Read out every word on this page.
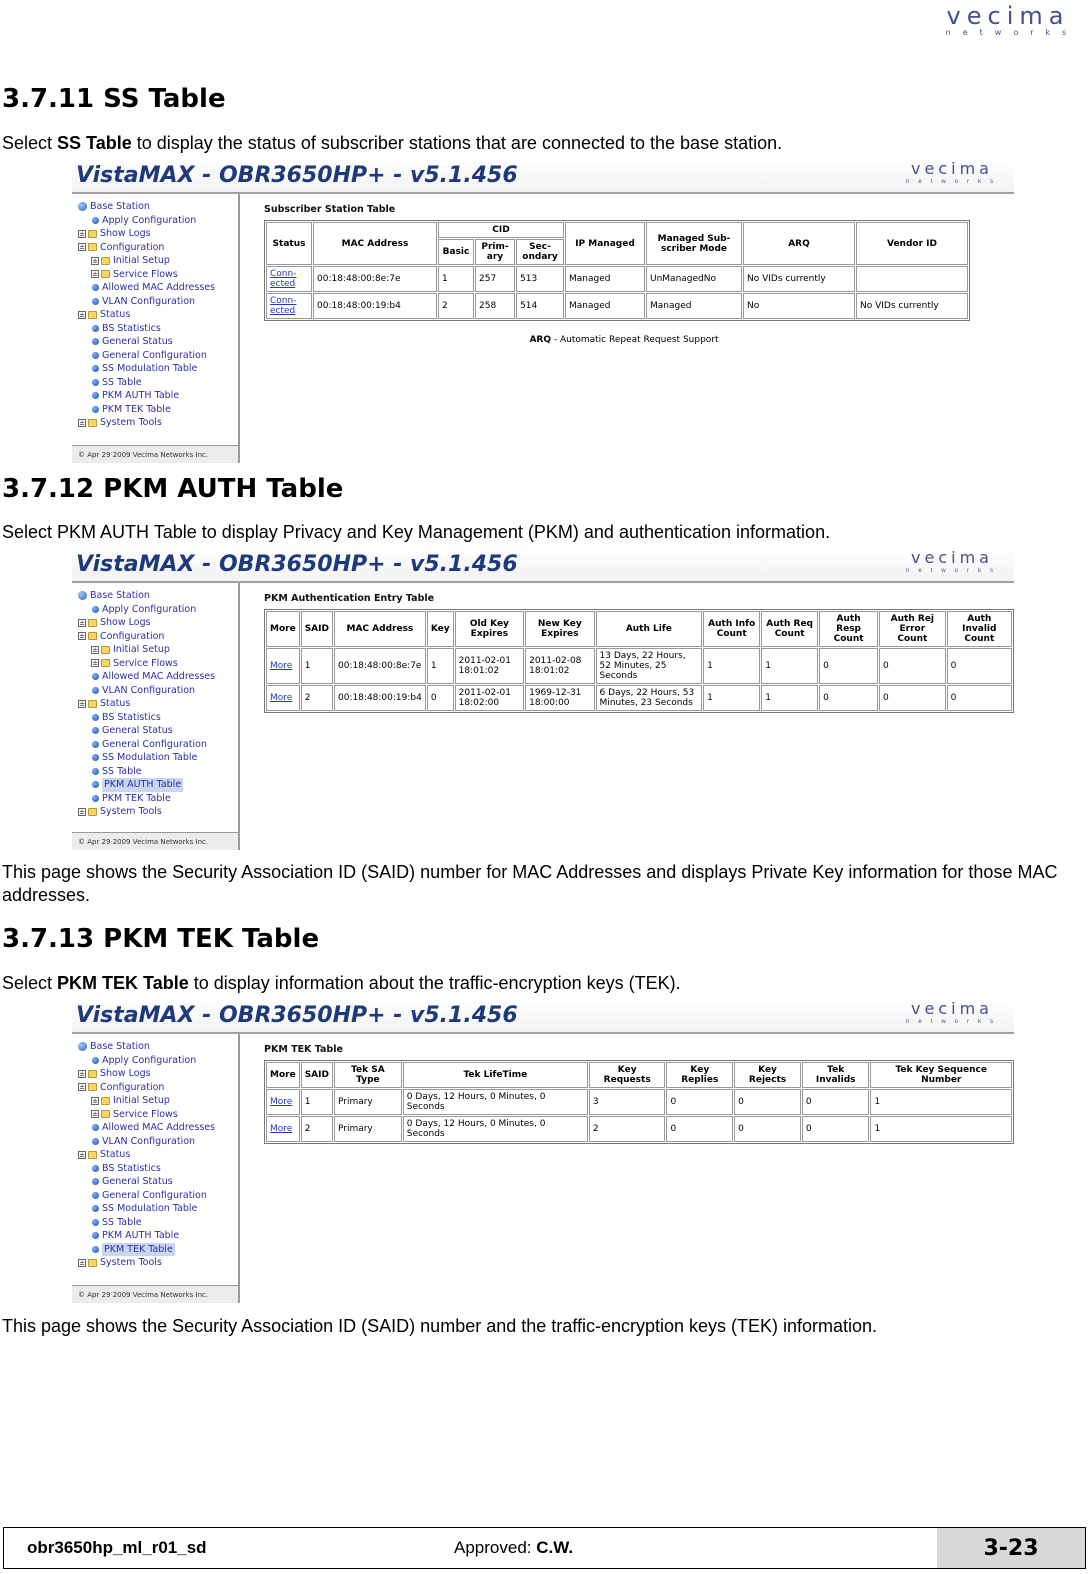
vecima
networks
3.7.11 SS Table
Select SS Table to display the status of subscriber stations that are connected to the base station.
VistaMAX - OBR3650HP+ - v5.1.456	vecima
networks
Base Station
Apply Configuration
± Show Logs
± Configuration
± Initial Setup
± Service Flows
Allowed MAC Addresses
VLAN Configuration
± Status
BS Statistics
General Status
General Configuration
SS Modulation Table
SS Table
PKM AUTH Table
PKM TEK Table
± System Tools
© Apr 29 2009 Vecima Networks Inc.
Subscriber Station Table
Status	MAC Address	CID			IP Managed	Managed Sub-scriber Mode	ARQ	Vendor ID
		Basic	Prim-ary	Sec-ondary				
Conn-ected	00:18:48:00:8e:7e	1	257	513	Managed	UnManagedNo	No VIDs currently	
Conn-ected	00:18:48:00:19:b4	2	258	514	Managed	Managed	No	No VIDs currently
ARQ - Automatic Repeat Request Support
3.7.12 PKM AUTH Table
Select PKM AUTH Table to display Privacy and Key Management (PKM) and authentication information.
VistaMAX - OBR3650HP+ - v5.1.456	vecima
networks
Base Station
Apply Configuration
± Show Logs
± Configuration
± Initial Setup
± Service Flows
Allowed MAC Addresses
VLAN Configuration
± Status
BS Statistics
General Status
General Configuration
SS Modulation Table
SS Table
PKM AUTH Table
PKM TEK Table
± System Tools
© Apr 29 2009 Vecima Networks Inc.
PKM Authentication Entry Table
More	SAID	MAC Address	Key	Old Key Expires	New Key Expires	Auth Life	Auth Info Count	Auth Req Count	Auth Resp Count	Auth Rej Error Count	Auth Invalid Count
More	1	00:18:48:00:8e:7e	1	2011-02-01 18:01:02	2011-02-08 18:01:02	13 Days, 22 Hours, 52 Minutes, 25 Seconds	1	1	0	0	0
More	2	00:18:48:00:19:b4	0	2011-02-01 18:02:00	1969-12-31 18:00:00	6 Days, 22 Hours, 53 Minutes, 23 Seconds	1	1	0	0	0
This page shows the Security Association ID (SAID) number for MAC Addresses and displays Private Key information for those MAC addresses.
3.7.13 PKM TEK Table
Select PKM TEK Table to display information about the traffic-encryption keys (TEK).
VistaMAX - OBR3650HP+ - v5.1.456	vecima
networks
Base Station
Apply Configuration
± Show Logs
± Configuration
± Initial Setup
± Service Flows
Allowed MAC Addresses
VLAN Configuration
± Status
BS Statistics
General Status
General Configuration
SS Modulation Table
SS Table
PKM AUTH Table
PKM TEK Table
± System Tools
© Apr 29 2009 Vecima Networks Inc.
PKM TEK Table
More	SAID	Tek SA Type	Tek LifeTime	Key Requests	Key Replies	Key Rejects	Tek Invalids	Tek Key Sequence Number
More	1	Primary	0 Days, 12 Hours, 0 Minutes, 0 Seconds	3	0	0	0	1
More	2	Primary	0 Days, 12 Hours, 0 Minutes, 0 Seconds	2	0	0	0	1
This page shows the Security Association ID (SAID) number and the traffic-encryption keys (TEK) information.
obr3650hp_ml_r01_sd	Approved: C.W.	3-23
